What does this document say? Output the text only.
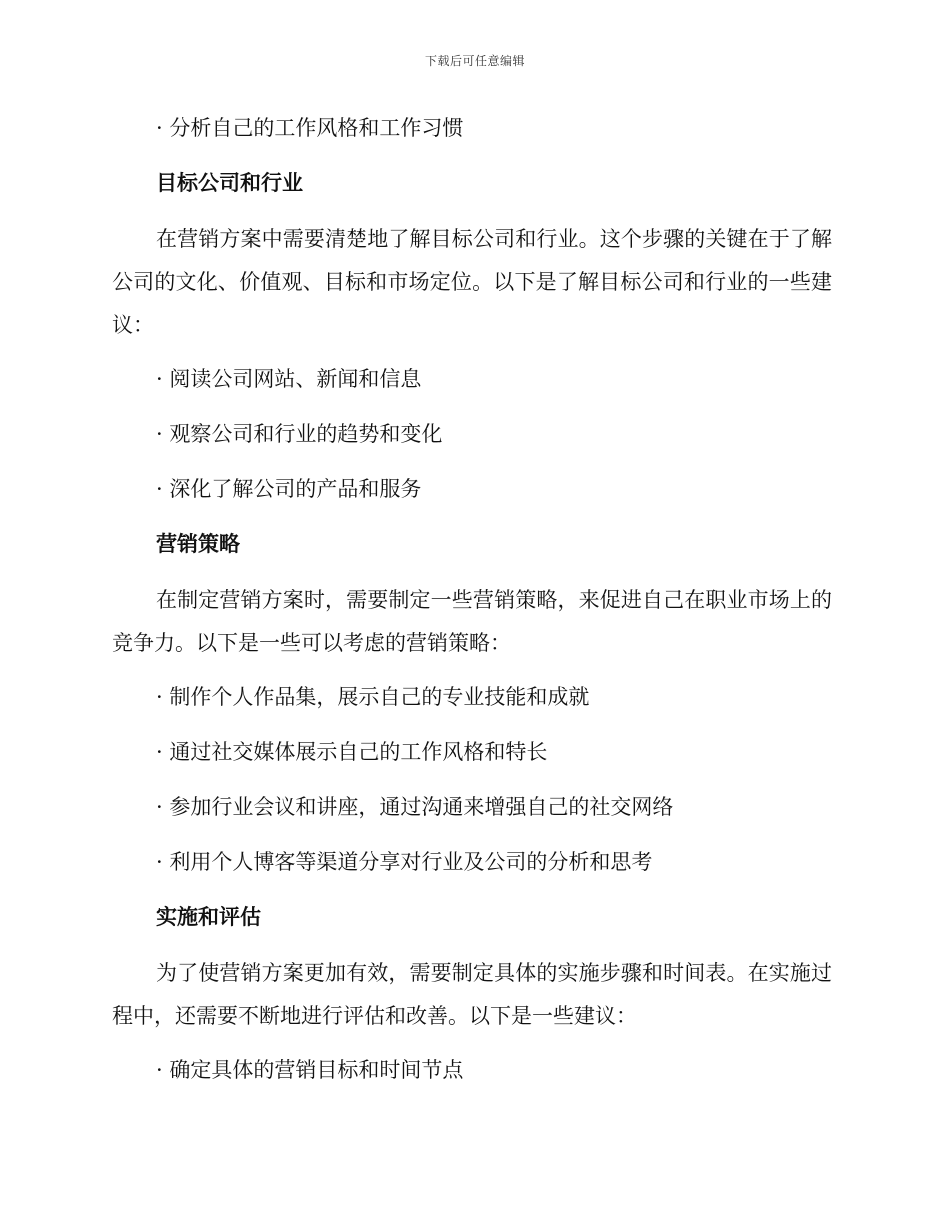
下载后可任意编辑
· 分析自己的工作风格和工作习惯
目标公司和行业
在营销方案中需要清楚地了解目标公司和行业。这个步骤的关键在于了解公司的文化、价值观、目标和市场定位。以下是了解目标公司和行业的一些建议：
· 阅读公司网站、新闻和信息
· 观察公司和行业的趋势和变化
· 深化了解公司的产品和服务
营销策略
在制定营销方案时，需要制定一些营销策略，来促进自己在职业市场上的竞争力。以下是一些可以考虑的营销策略：
· 制作个人作品集，展示自己的专业技能和成就
· 通过社交媒体展示自己的工作风格和特长
· 参加行业会议和讲座，通过沟通来增强自己的社交网络
· 利用个人博客等渠道分享对行业及公司的分析和思考
实施和评估
为了使营销方案更加有效，需要制定具体的实施步骤和时间表。在实施过程中，还需要不断地进行评估和改善。以下是一些建议：
· 确定具体的营销目标和时间节点
